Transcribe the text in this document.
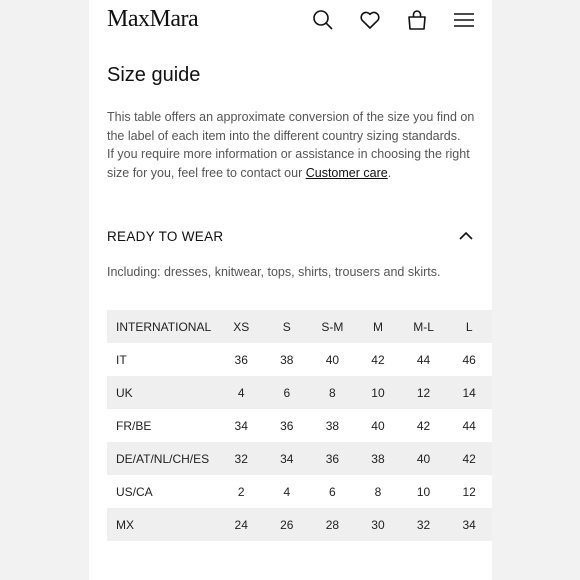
MaxMara
Size guide

This table offers an approximate conversion of the size you find on the label of each item into the different country sizing standards.

If you require more information or assistance in choosing the right size for you, feel free to contact our Customer care.

READY TO WEAR
Including: dresses, knitwear, tops, shirts, trousers and skirts.
INTERNATIONAL	XS	S	S-M	M	M-L	L
IT	36	38	40	42	44	46
UK	4	6	8	10	12	14
FR/BE	34	36	38	40	42	44
DE/AT/NL/CH/ES	32	34	36	38	40	42
US/CA	2	4	6	8	10	12
MX	24	26	28	30	32	34
